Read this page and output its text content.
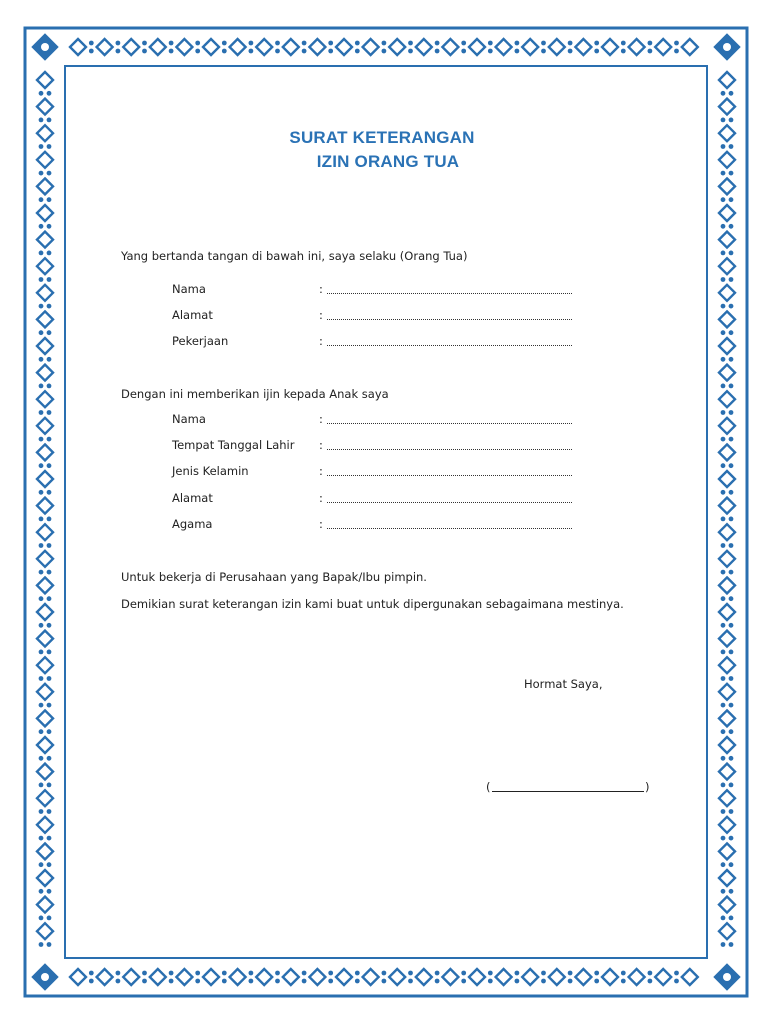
SURAT KETERANGAN
IZIN ORANG TUA
Yang bertanda tangan di bawah ini, saya selaku (Orang Tua)
Nama	:
Alamat	:
Pekerjaan	:
Dengan ini memberikan ijin kepada Anak saya
Nama	:
Tempat Tanggal Lahir :
Jenis Kelamin	:
Alamat	:
Agama	:
Untuk bekerja di Perusahaan yang Bapak/Ibu pimpin.
Demikian surat keterangan izin kami buat untuk dipergunakan sebagaimana mestinya.
Hormat Saya,
(	)
